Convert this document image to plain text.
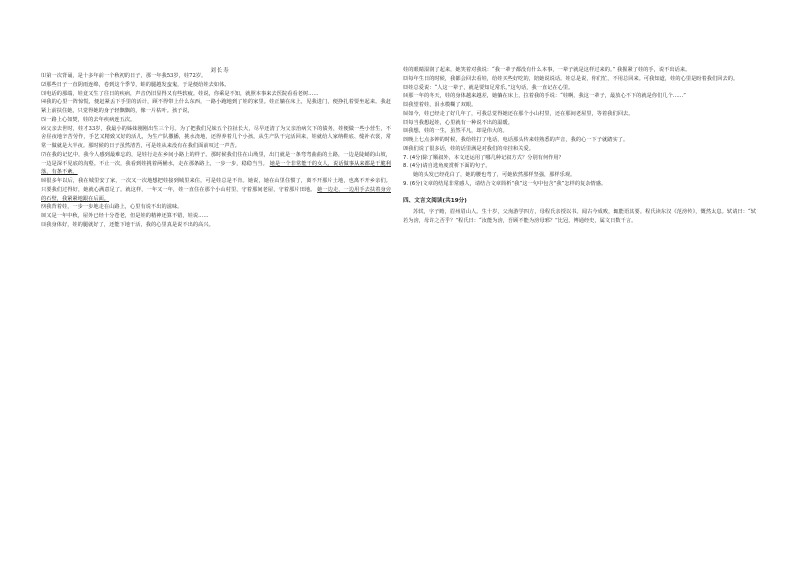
刘长寿

⑴第一次背诵，是十多年前一个秋初的日子，那一年我53岁，娃72岁。

⑵那些日子一直阴雨连绵，卷到这个季节，蛙的腿越发蛮鬼，于是便给娃去如体。

⑶电话的那端，娃竟又生了往日的疾病，声音仍旧显得又有些软疲。娃说，你乘是不知，就照本事来去医院看看老树……

⑷我的心里一阵惊慌，便赶紧丢下手里的活计，顾不得带上什么东西，一路小跑地到了娃的家里。娃正躺在床上，见我进门，便挣扎着要坐起来。我赶紧上前扶住她，只觉得她的身子轻飘飘的，像一片枯叶。孩子说，

⑸一路上心如焚，娃的去年疾病连五次。

⑹父亲去世时，娃才33岁，我最小的姊妹刚刚出生三个月。为了把我们兄妹五个拉扯长大，尽早还清了为父亲治病欠下的债务，娃便做一些小营生，不舍昼夜地辛苦劳作，手艺又精致又好的活儿，为生产队撒播，挑水浇地，还得养着几个小孩。从生产队干完活回来，娃就给人家纳鞋底、缝补衣裳，常常一做就是大半夜。那时候的日子虽然清苦，可是娃从来没有在我们面前叹过一声苦。

⑺在我的记忆中，我今人感到最难忘的，是娃行走在乡间小路上的样子。那时候我们住在山坳里，出门就是一条弯弯曲曲的土路，一边是陡峭的山坡，一边是深不见底的沟壑。不止一次，我看到娃挑着两桶水，走在那条路上，一步一步，稳稳当当。 她是一个非常能干的女人，说话做事从来都是干脆利落，有条不紊。

⑻很多年以后，我在城里安了家，一次又一次地想把娃接到城里来住，可是娃总是不肯。她说，她在山里住惯了，离不开那片土地，也离不开乡亲们。只要我们过得好，她就心满意足了。就这样，一年又一年，娃一直住在那个小山村里，守着那间老屋，守着那片田地。 她一边走，一边用手去扶着身旁的石壁，我紧紧地跟在后面。

⑼我背着娃，一步一步地走在山路上，心里有说不出的滋味。

⑽又是一年中秋，屋外已经十分苍老，但是娃的精神还算不错，娃说……

⑾我身体好，娃的腿就好了，还能下地干活，我的心里真是说不出的高兴。

娃的眼睛湿润了起来，她笑着对我说：“我一辈子都没有什么本事，一辈子就是这样过来的。” 我握紧了娃的手，说不出话来。

⑿每年生日的时候，我都会回去看娃，给娃买些好吃的，陪她说说话。娃总是说，你们忙，不用总回来。可我知道，娃的心里是盼着我们回去的。

⒀娃总爱说：“人这一辈子，就是要知足常乐。”这句话，我一直记在心里。

⒁那一年的冬天，娃的身体越来越差，她躺在床上，拉着我的手说：“娃啊，我这一辈子，最放心不下的就是你们几个……”

⒂我望着娃，泪水模糊了双眼。

⒃如今，娃已经走了好几年了，可我总觉得她还在那个小山村里，还在那间老屋里，等着我们回去。

⒄每当我想起娃，心里就有一种说不出的温暖。

⒅我想，娃的一生，虽然平凡，却是伟大的。

⒆晚上七点多钟的时候，我给娃打了电话，电话那头传来娃熟悉的声音，我的心一下子就踏实了。

⒇我们说了很多话，娃的话里满是对我们的牵挂和关爱。

7. (4分)除了顺叙外，本文还运用了哪几种记叙方式？分别有何作用？

8. (4分)请自选角度赏析下面的句子。

她的头发已经花白了，她的腰也弯了，可她依然那样坚强，那样乐观。

9. (6分)文章的结尾非常感人，请结合文章简析“我”这一句中包含“我”怎样的复杂情感。

四、文言文阅读(共19分)

苏轼，字子瞻，眉州眉山人。生十岁，父洵游学四方，母程氏亲授以书。闻古今成败，辄能语其要。程氏读东汉《范滂传》，慨然太息。轼请曰：“轼若为滂，母许之否乎？”程氏曰：“汝能为滂，吾顾不能为滂母邪？”比冠，博通经史，属文日数千言。
